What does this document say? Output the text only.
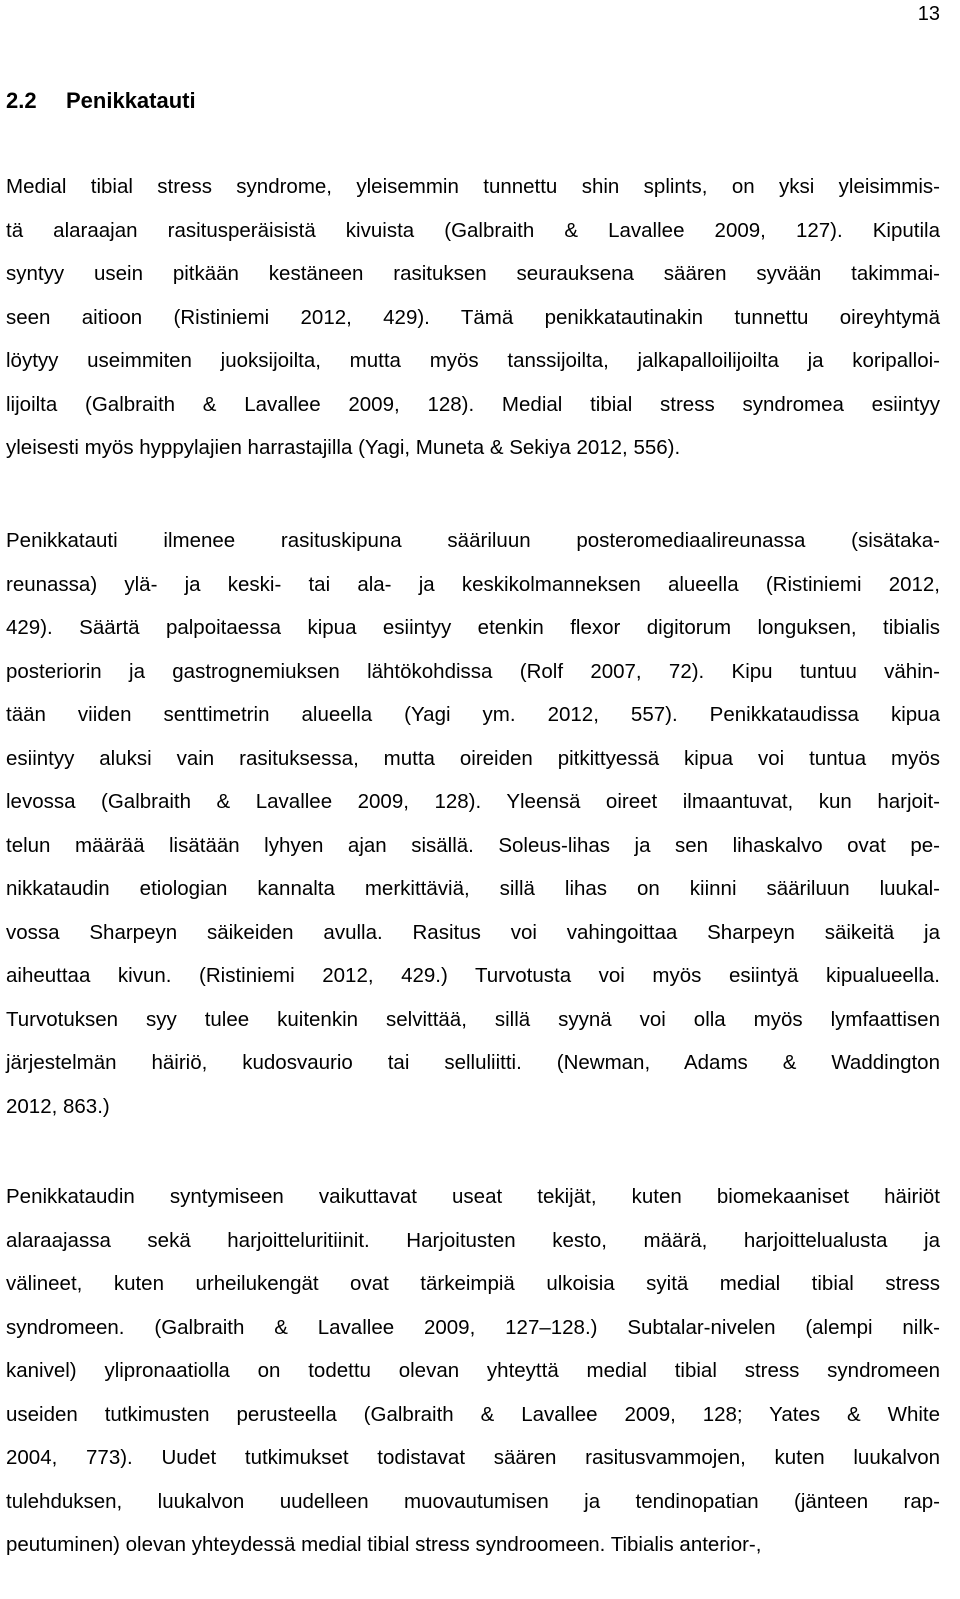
13
2.2 Penikkatauti
Medial tibial stress syndrome, yleisemmin tunnettu shin splints, on yksi yleisimmis-
tä alaraajan rasitusperäisistä kivuista (Galbraith & Lavallee 2009, 127). Kiputila
syntyy usein pitkään kestäneen rasituksen seurauksena säären syvään takimmai-
seen aitioon (Ristiniemi 2012, 429). Tämä penikkatautinakin tunnettu oireyhtymä
löytyy useimmiten juoksijoilta, mutta myös tanssijoilta, jalkapalloilijoilta ja koripalloi-
lijoilta (Galbraith & Lavallee 2009, 128). Medial tibial stress syndromea esiintyy
yleisesti myös hyppylajien harrastajilla (Yagi, Muneta & Sekiya 2012, 556).
Penikkatauti ilmenee rasituskipuna sääriluun posteromediaalireunassa (sisätaka-
reunassa) ylä- ja keski- tai ala- ja keskikolmanneksen alueella (Ristiniemi 2012,
429). Säärtä palpoitaessa kipua esiintyy etenkin flexor digitorum longuksen, tibialis
posteriorin ja gastrognemiuksen lähtökohdissa (Rolf 2007, 72). Kipu tuntuu vähin-
tään viiden senttimetrin alueella (Yagi ym. 2012, 557). Penikkataudissa kipua
esiintyy aluksi vain rasituksessa, mutta oireiden pitkittyessä kipua voi tuntua myös
levossa (Galbraith & Lavallee 2009, 128). Yleensä oireet ilmaantuvat, kun harjoit-
telun määrää lisätään lyhyen ajan sisällä. Soleus-lihas ja sen lihaskalvo ovat pe-
nikkataudin etiologian kannalta merkittäviä, sillä lihas on kiinni sääriluun luukal-
vossa Sharpeyn säikeiden avulla. Rasitus voi vahingoittaa Sharpeyn säikeitä ja
aiheuttaa kivun. (Ristiniemi 2012, 429.) Turvotusta voi myös esiintyä kipualueella.
Turvotuksen syy tulee kuitenkin selvittää, sillä syynä voi olla myös lymfaattisen
järjestelmän häiriö, kudosvaurio tai selluliitti. (Newman, Adams & Waddington
2012, 863.)
Penikkataudin syntymiseen vaikuttavat useat tekijät, kuten biomekaaniset häiriöt
alaraajassa sekä harjoitteluritiinit. Harjoitusten kesto, määrä, harjoittelualusta ja
välineet, kuten urheilukengät ovat tärkeimpiä ulkoisia syitä medial tibial stress
syndromeen. (Galbraith & Lavallee 2009, 127–128.) Subtalar-nivelen (alempi nilk-
kanivel) ylipronaatiolla on todettu olevan yhteyttä medial tibial stress syndromeen
useiden tutkimusten perusteella (Galbraith & Lavallee 2009, 128; Yates & White
2004, 773). Uudet tutkimukset todistavat säären rasitusvammojen, kuten luukalvon
tulehduksen, luukalvon uudelleen muovautumisen ja tendinopatian (jänteen rap-
peutuminen) olevan yhteydessä medial tibial stress syndroomeen. Tibialis anterior-,
